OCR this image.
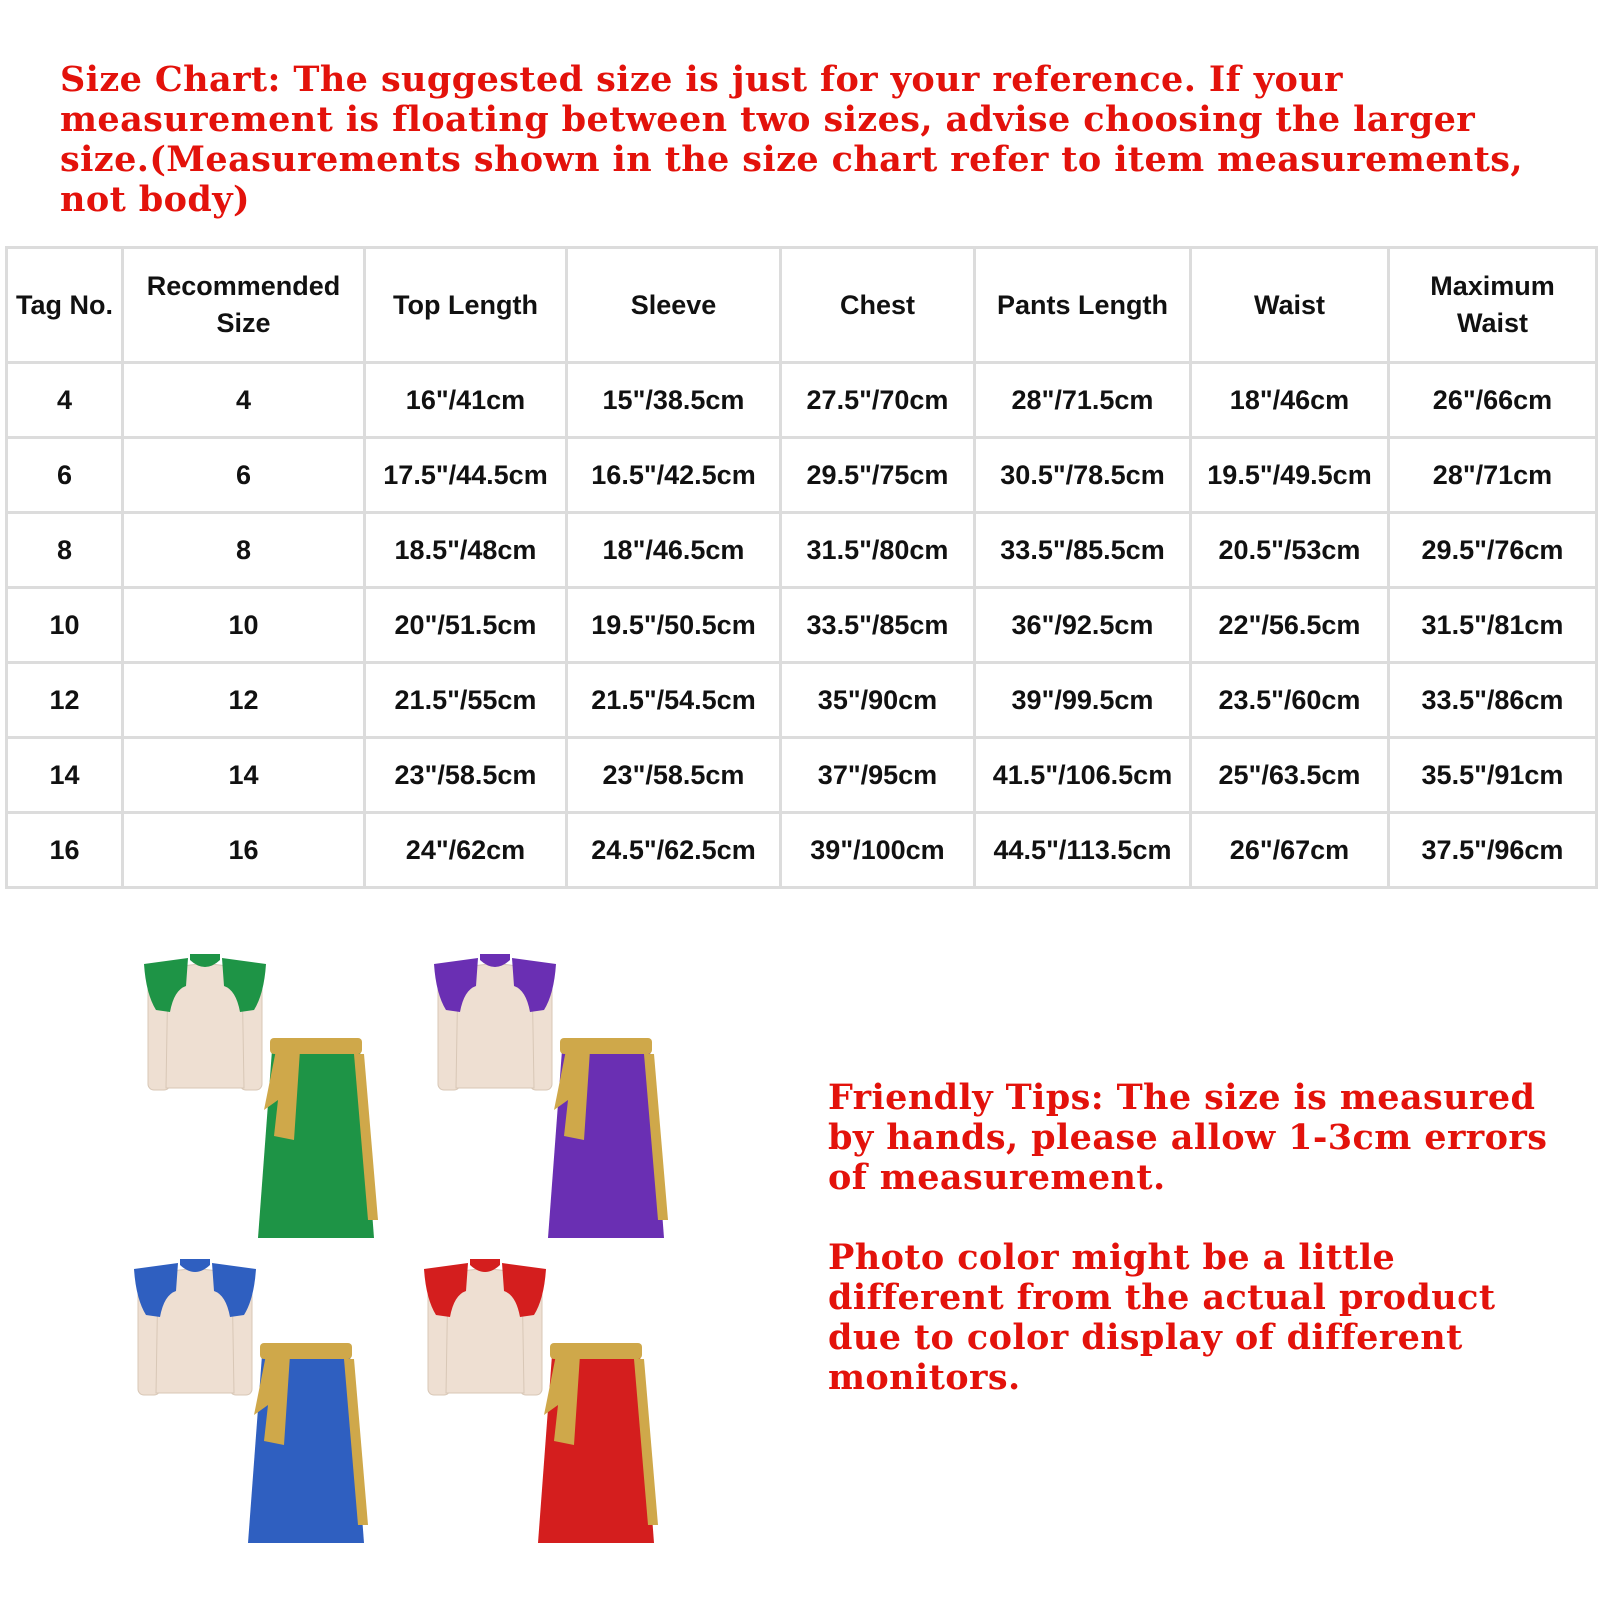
Size Chart: The suggested size is just for your reference. If your measurement is floating between two sizes, advise choosing the larger size.(Measurements shown in the size chart refer to item measurements, not body)

Tag No.	Recommended Size	Top Length	Sleeve	Chest	Pants Length	Waist	Maximum Waist
4	4	16"/41cm	15"/38.5cm	27.5"/70cm	28"/71.5cm	18"/46cm	26"/66cm
6	6	17.5"/44.5cm	16.5"/42.5cm	29.5"/75cm	30.5"/78.5cm	19.5"/49.5cm	28"/71cm
8	8	18.5"/48cm	18"/46.5cm	31.5"/80cm	33.5"/85.5cm	20.5"/53cm	29.5"/76cm
10	10	20"/51.5cm	19.5"/50.5cm	33.5"/85cm	36"/92.5cm	22"/56.5cm	31.5"/81cm
12	12	21.5"/55cm	21.5"/54.5cm	35"/90cm	39"/99.5cm	23.5"/60cm	33.5"/86cm
14	14	23"/58.5cm	23"/58.5cm	37"/95cm	41.5"/106.5cm	25"/63.5cm	35.5"/91cm
16	16	24"/62cm	24.5"/62.5cm	39"/100cm	44.5"/113.5cm	26"/67cm	37.5"/96cm

Friendly Tips: The size is measured by hands, please allow 1-3cm errors of measurement.

Photo color might be a little different from the actual product due to color display of different monitors.
